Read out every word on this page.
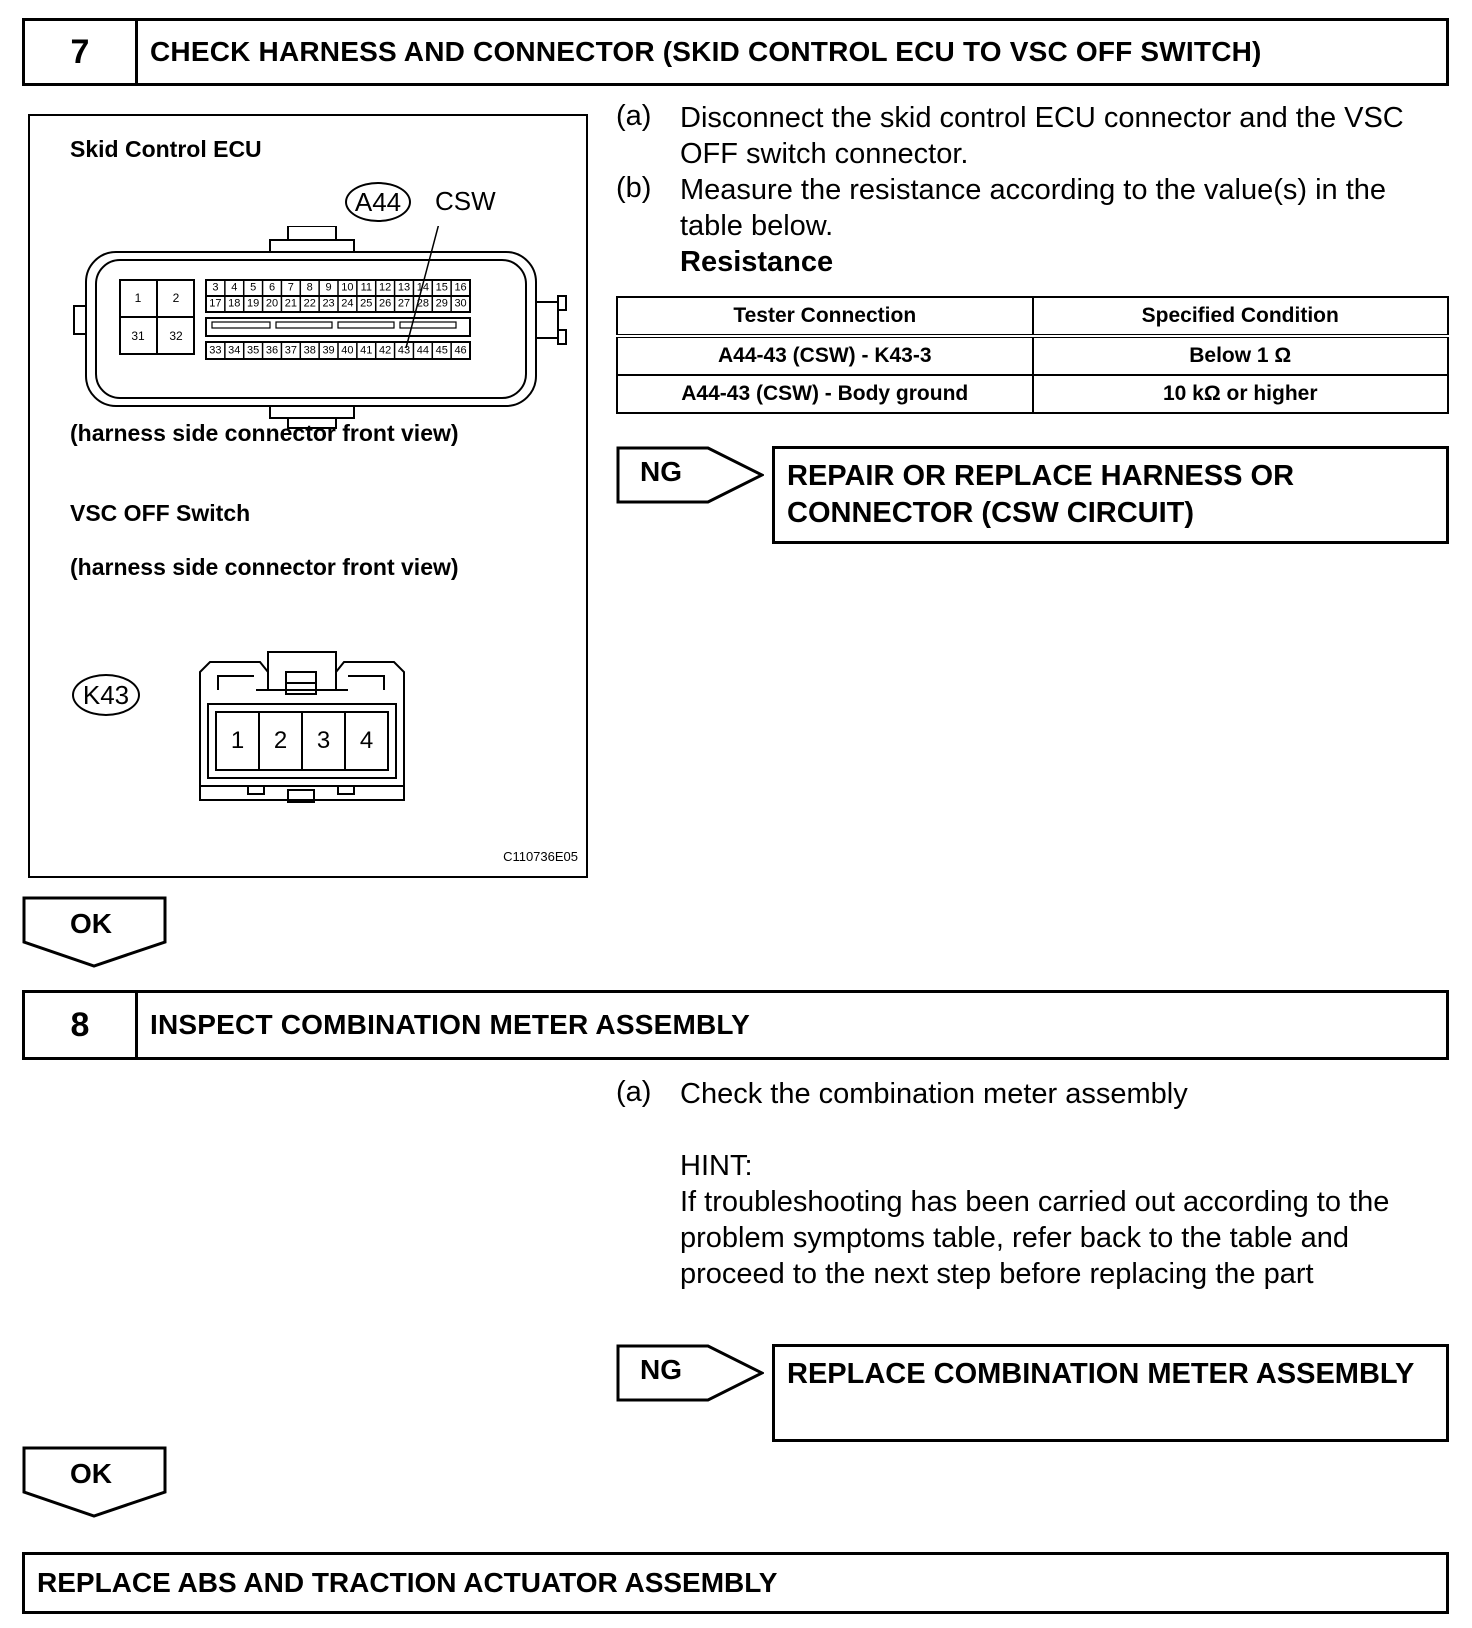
7	CHECK HARNESS AND CONNECTOR (SKID CONTROL ECU TO VSC OFF SWITCH)
Skid Control ECU
A44 CSW
1	2
31 32
3 4 5 6 7 8 9 10 11 12 13 14 15 16
17 18 19 20 21 22 23 24 25 26 27 28 29 30
33 34 35 36 37 38 39 40 41 42 43 44 45 46
(harness side connector front view)
VSC OFF Switch
(harness side connector front view)
K43
1 2 3 4
C110736E05
(a) Disconnect the skid control ECU connector and the VSC OFF switch connector.
(b) Measure the resistance according to the value(s) in the table below.
Resistance
Tester Connection	Specified Condition
A44-43 (CSW) - K43-3	Below 1 Ω
A44-43 (CSW) - Body ground	10 kΩ or higher
NG	REPAIR OR REPLACE HARNESS OR CONNECTOR (CSW CIRCUIT)
OK
8	INSPECT COMBINATION METER ASSEMBLY
(a) Check the combination meter assembly
HINT:
If troubleshooting has been carried out according to the problem symptoms table, refer back to the table and proceed to the next step before replacing the part
NG	REPLACE COMBINATION METER ASSEMBLY
OK
REPLACE ABS AND TRACTION ACTUATOR ASSEMBLY
